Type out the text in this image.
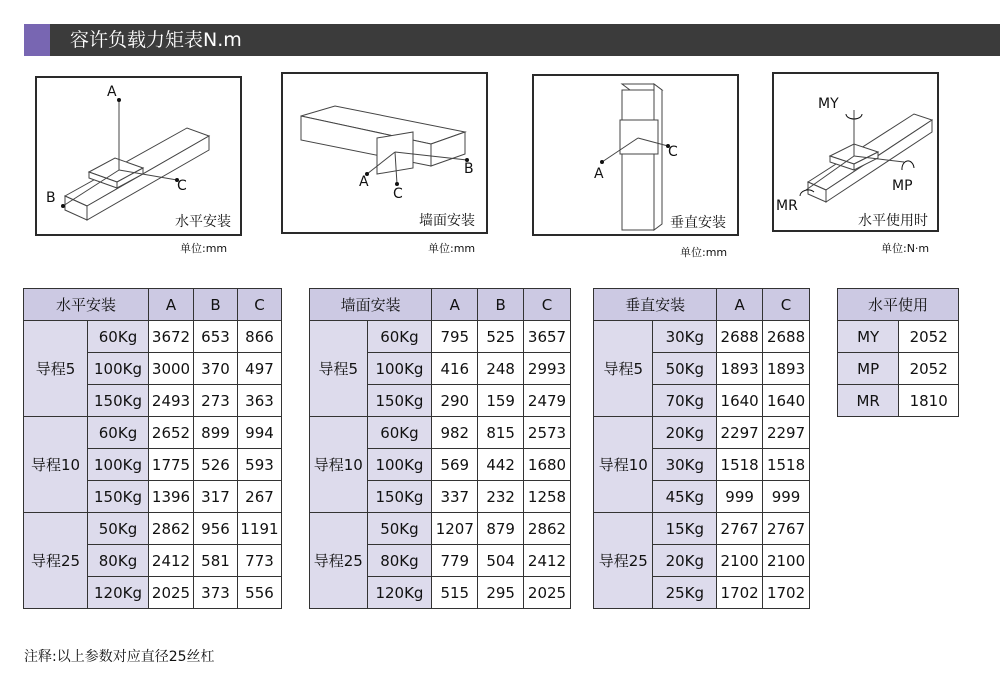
容许负载力矩表N.m
A
B
C
水平安装
单位:mm
A
B
C
墙面安装
单位:mm
A
C
垂直安装
单位:mm
MY
MP
MR
水平使用时
单位:N·m
水平安装		A	B	C
导程5	60Kg	3672	653	866
	100Kg	3000	370	497
	150Kg	2493	273	363
导程10	60Kg	2652	899	994
	100Kg	1775	526	593
	150Kg	1396	317	267
导程25	50Kg	2862	956	1191
	80Kg	2412	581	773
	120Kg	2025	373	556
墙面安装		A	B	C
导程5	60Kg	795	525	3657
	100Kg	416	248	2993
	150Kg	290	159	2479
导程10	60Kg	982	815	2573
	100Kg	569	442	1680
	150Kg	337	232	1258
导程25	50Kg	1207	879	2862
	80Kg	779	504	2412
	120Kg	515	295	2025
垂直安装		A	C
导程5	30Kg	2688	2688
	50Kg	1893	1893
	70Kg	1640	1640
导程10	20Kg	2297	2297
	30Kg	1518	1518
	45Kg	999	999
导程25	15Kg	2767	2767
	20Kg	2100	2100
	25Kg	1702	1702
水平使用	
MY	2052
MP	2052
MR	1810
注释:以上参数对应直径25丝杠
